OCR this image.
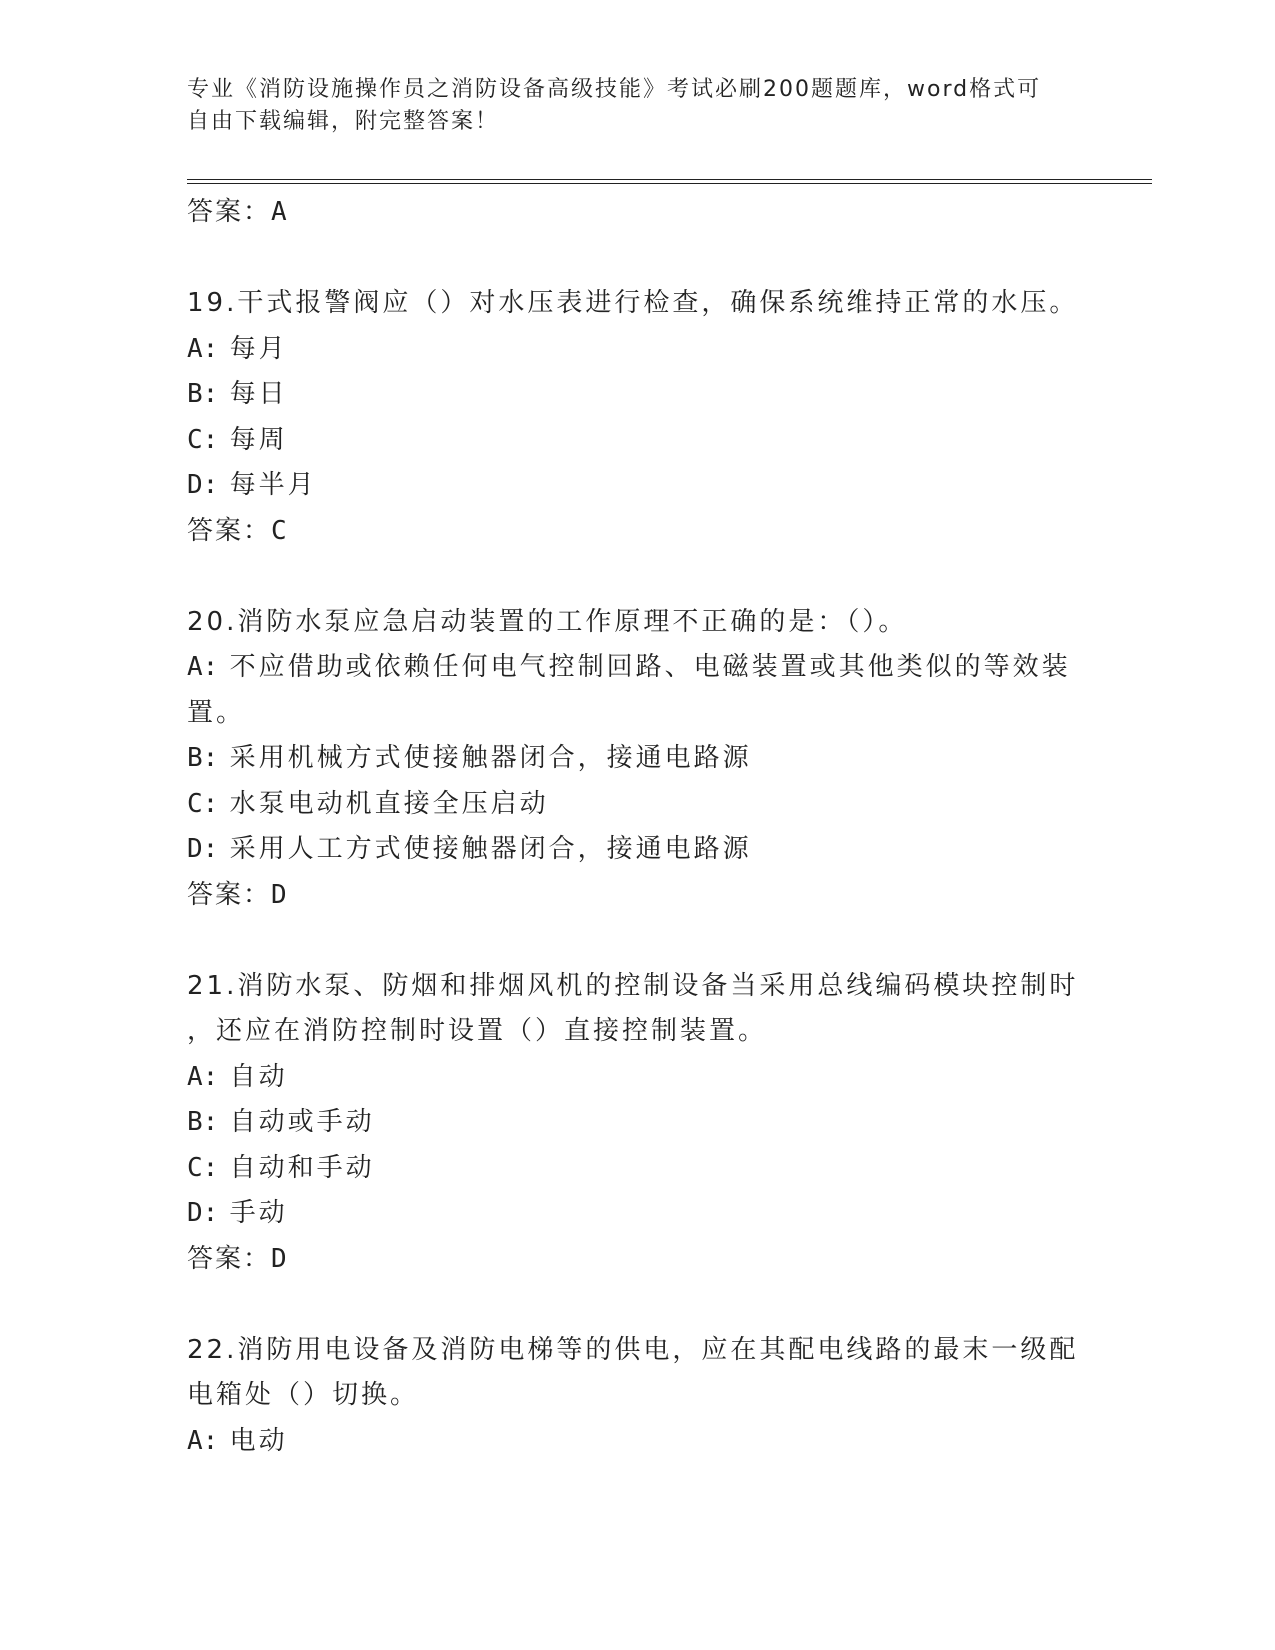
专业《消防设施操作员之消防设备高级技能》考试必刷200题题库，word格式可
自由下载编辑，附完整答案！
答案：A
19.干式报警阀应（）对水压表进行检查，确保系统维持正常的水压。
A: 每月
B: 每日
C: 每周
D: 每半月
答案：C
20.消防水泵应急启动装置的工作原理不正确的是：（）。
A: 不应借助或依赖任何电气控制回路、电磁装置或其他类似的等效装
置。
B: 采用机械方式使接触器闭合，接通电路源
C: 水泵电动机直接全压启动
D: 采用人工方式使接触器闭合，接通电路源
答案：D
21.消防水泵、防烟和排烟风机的控制设备当采用总线编码模块控制时
，还应在消防控制时设置（）直接控制装置。
A: 自动
B: 自动或手动
C: 自动和手动
D: 手动
答案：D
22.消防用电设备及消防电梯等的供电，应在其配电线路的最末一级配
电箱处（）切换。
A: 电动
